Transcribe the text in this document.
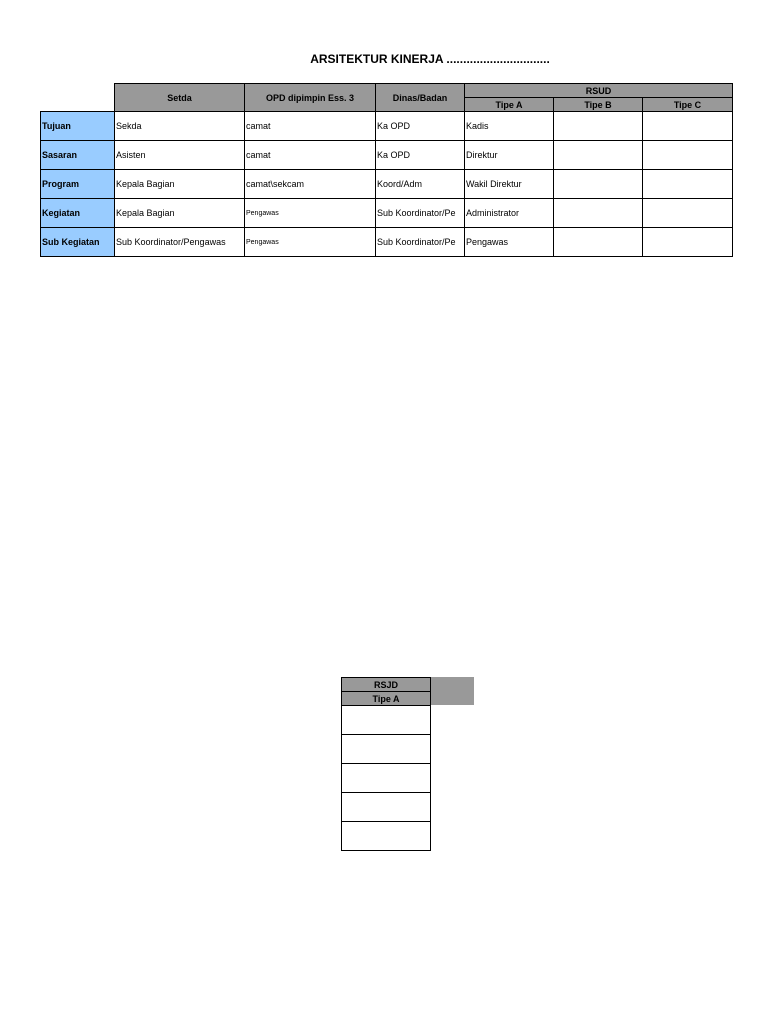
ARSITEKTUR KINERJA ...............................
	Setda	OPD dipimpin Ess. 3	Dinas/Badan	RSUD		
				Tipe A	Tipe B	Tipe C
Tujuan	Sekda	camat	Ka OPD	Kadis		
Sasaran	Asisten	camat	Ka OPD	Direktur		
Program	Kepala Bagian	camat\sekcam	Koord/Adm	Wakil Direktur		
Kegiatan	Kepala Bagian	Pengawas	Sub Koordinator/Pe	Administrator		
Sub Kegiatan	Sub Koordinator/Pengawas	Pengawas	Sub Koordinator/Pe	Pengawas		
RSJD
Tipe A
